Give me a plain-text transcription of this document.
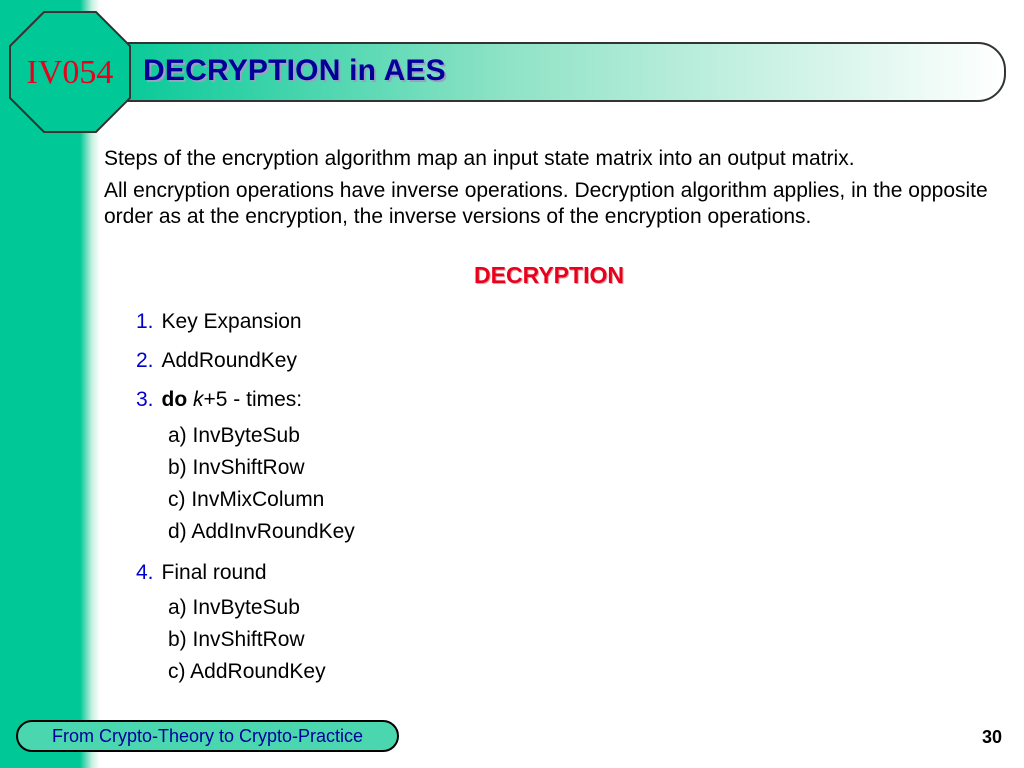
DECRYPTION in AES
IV054

Steps of the encryption algorithm map an input state matrix into an output matrix.

All encryption operations have inverse operations. Decryption algorithm applies, in the opposite order as at the encryption, the inverse versions of the encryption operations.

DECRYPTION
1. Key Expansion
2. AddRoundKey
3. do k+5 - times:
a) InvByteSub
b) InvShiftRow
c) InvMixColumn
d) AddInvRoundKey
4. Final round
a) InvByteSub
b) InvShiftRow
c) AddRoundKey
From Crypto-Theory to Crypto-Practice	30
